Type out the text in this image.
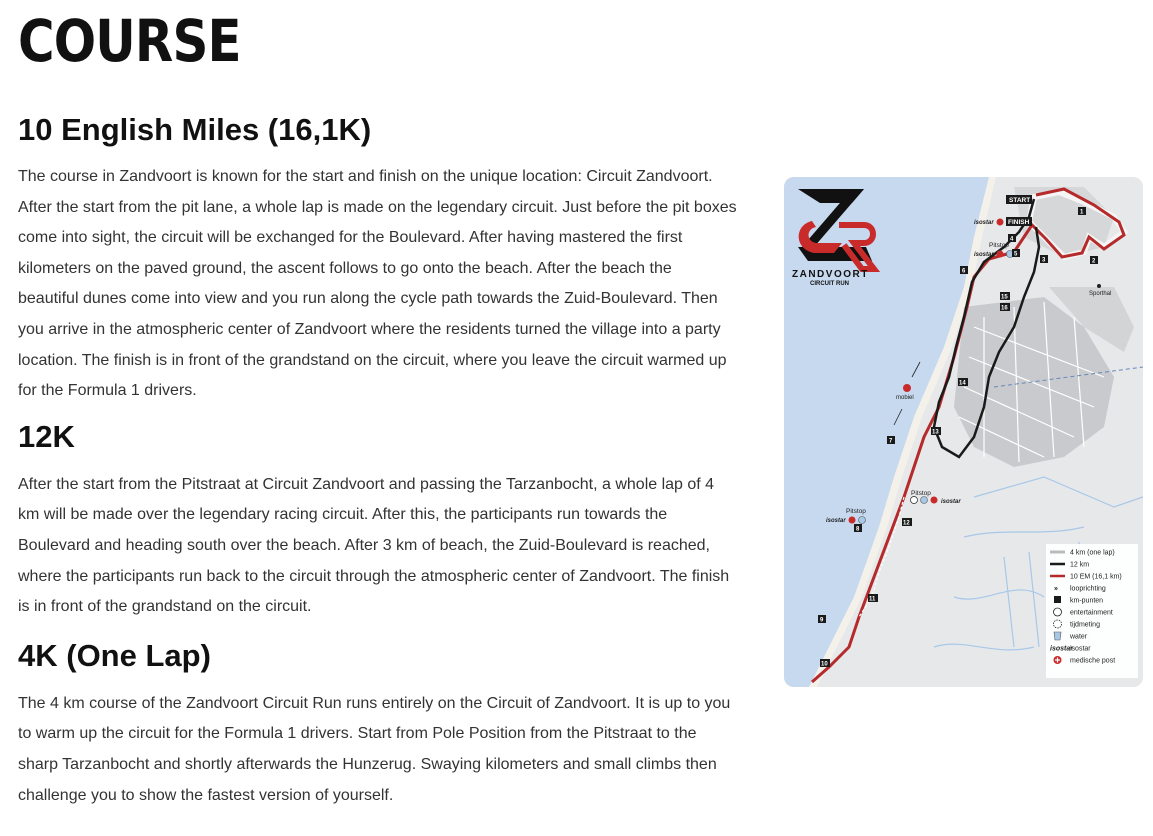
COURSE
10 English Miles (16,1K)

The course in Zandvoort is known for the start and finish on the unique location: Circuit Zandvoort.
After the start from the pit lane, a whole lap is made on the legendary circuit. Just before the pit boxes
come into sight, the circuit will be exchanged for the Boulevard. After having mastered the first
kilometers on the paved ground, the ascent follows to go onto the beach. After the beach the
beautiful dunes come into view and you run along the cycle path towards the Zuid-Boulevard. Then
you arrive in the atmospheric center of Zandvoort where the residents turned the village into a party
location. The finish is in front of the grandstand on the circuit, where you leave the circuit warmed up
for the Formula 1 drivers.

12K

After the start from the Pitstraat at Circuit Zandvoort and passing the Tarzanbocht, a whole lap of 4
km will be made over the legendary racing circuit. After this, the participants run towards the
Boulevard and heading south over the beach. After 3 km of beach, the Zuid-Boulevard is reached,
where the participants run back to the circuit through the atmospheric center of Zandvoort. The finish
is in front of the grandstand on the circuit.

4K (One Lap)

The 4 km course of the Zandvoort Circuit Run runs entirely on the Circuit of Zandvoort. It is up to you
to warm up the circuit for the Formula 1 drivers. Start from Pole Position from the Pitstraat to the
sharp Tarzanbocht and shortly afterwards the Hunzerug. Swaying kilometers and small climbs then
challenge you to show the fastest version of yourself.

ZANDVOORT
CIRCUIT RUN
START
isostar FINISH
Pitstop
isostar
Pitstop
isostar
Pitstop
isostar
mobiel
Sporthal
1
2
3
4
5
6
7
8
9
10
11
12
13
14
15
16
4 km (one lap)
12 km
10 EM (16,1 km)
» looprichting
km-punten
entertainment
tijdmeting
water
isostar
isostar
medische post
